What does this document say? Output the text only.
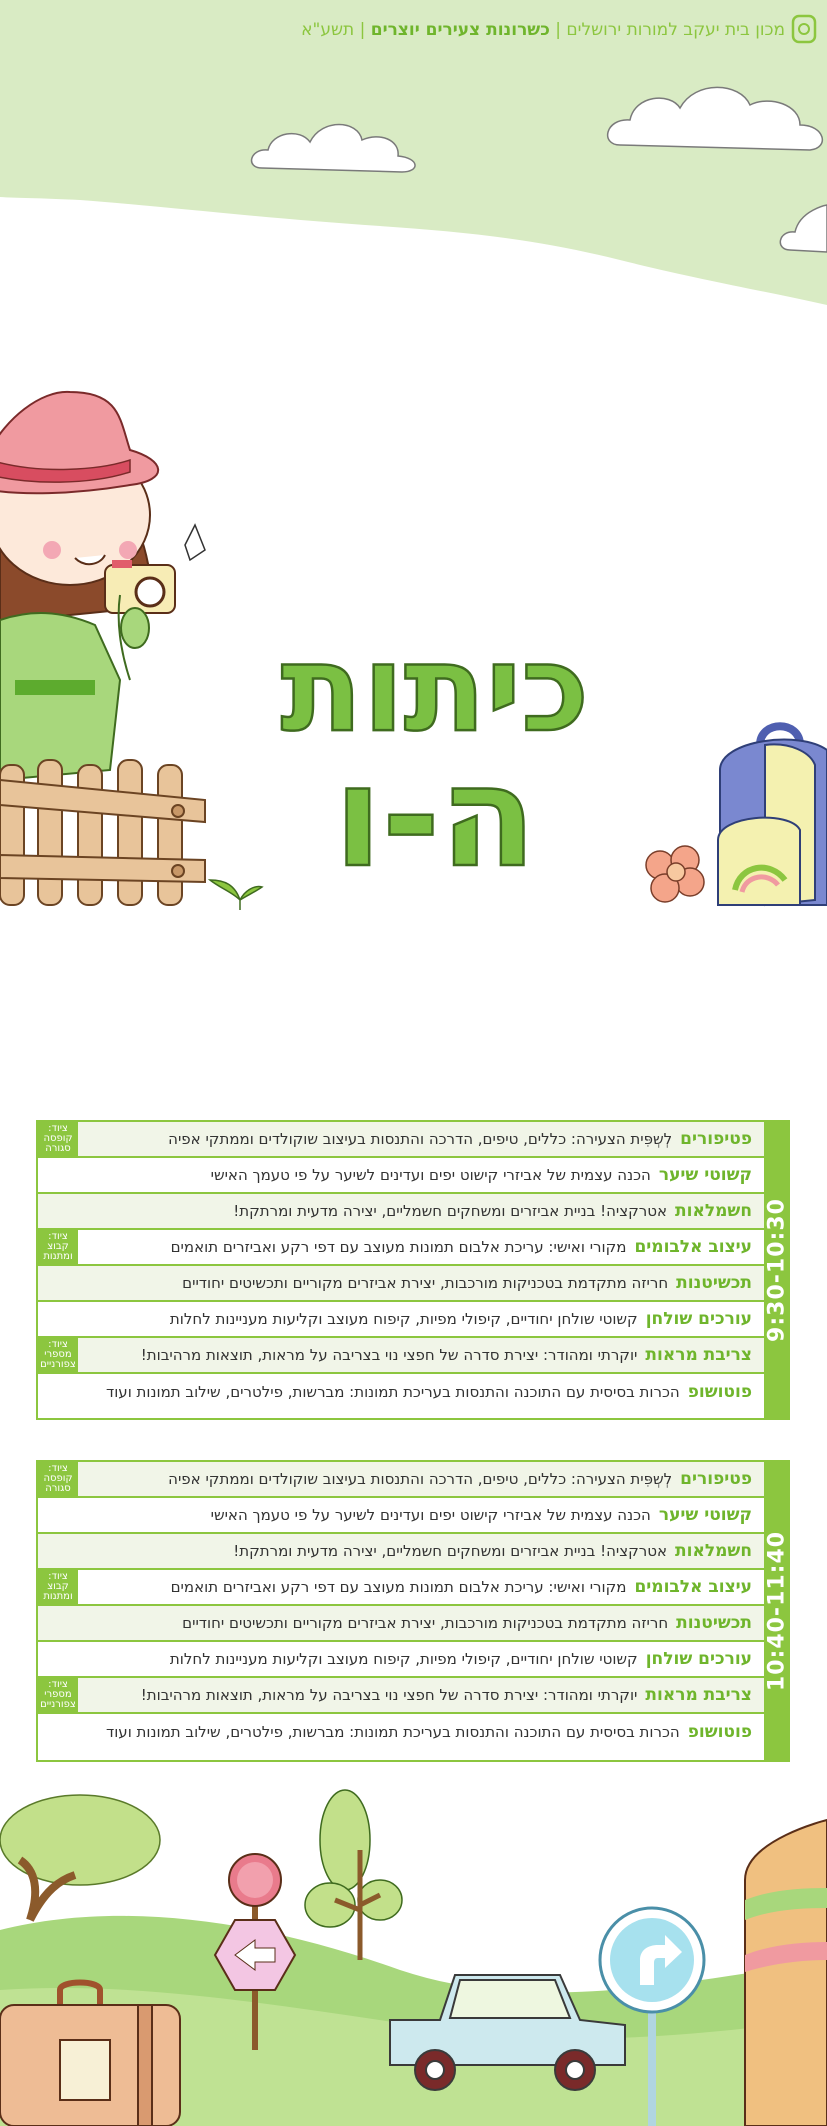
מכון בית יעקב למורות ירושלים | כשרונות צעירים יוצרים | תשע"א
כיתות
ה-ו
9:30-10:30
פטיפורים
לְשְפִּית הצעירה: כללים, טיפים, הדרכה והתנסות בעיצוב שוקולדים וממתקי אפיה
ציוד:
קופסה
סגורה
קשוטי שיער
הכנה עצמית של אביזרי קישוט יפים ועדינים לשיער על פי טעמך האישי
חשמלאות
אטרקציה! בניית אביזרים ומשחקים חשמליים, יצירה מדעית ומרתקת!
עיצוב אלבומים
מקורי ואישי: עריכת אלבום תמונות מעוצב עם דפי רקע ואביזרים תואמים
ציוד:
קבוצ
ומתנות
תכשיטנות
חריזה מתקדמת בטכניקות מורכבות, יצירת אביזרים מקוריים ותכשיטים יחודיים
עורכים שולחן
קשוטי שולחן יחודיים, קיפולי מפיות, קיפוח מעוצב וקליעות מעניינות לחלות
צריבת מראות
יוקרתי ומהודר: יצירת סדרה של חפצי נוי בצריבה על מראות, תוצאות מרהיבות!
ציוד:
מספרי
צפורניים
פוטושופ
הכרות בסיסית עם התוכנה והתנסות בעריכת תמונות: מברשות, פילטרים, שילוב תמונות ועוד
10:40-11:40
פטיפורים
לְשְפִּית הצעירה: כללים, טיפים, הדרכה והתנסות בעיצוב שוקולדים וממתקי אפיה
ציוד:
קופסה
סגורה
קשוטי שיער
הכנה עצמית של אביזרי קישוט יפים ועדינים לשיער על פי טעמך האישי
חשמלאות
אטרקציה! בניית אביזרים ומשחקים חשמליים, יצירה מדעית ומרתקת!
עיצוב אלבומים
מקורי ואישי: עריכת אלבום תמונות מעוצב עם דפי רקע ואביזרים תואמים
ציוד:
קבוצ
ומתנות
תכשיטנות
חריזה מתקדמת בטכניקות מורכבות, יצירת אביזרים מקוריים ותכשיטים יחודיים
עורכים שולחן
קשוטי שולחן יחודיים, קיפולי מפיות, קיפוח מעוצב וקליעות מעניינות לחלות
צריבת מראות
יוקרתי ומהודר: יצירת סדרה של חפצי נוי בצריבה על מראות, תוצאות מרהיבות!
ציוד:
מספרי
צפורניים
פוטושופ
הכרות בסיסית עם התוכנה והתנסות בעריכת תמונות: מברשות, פילטרים, שילוב תמונות ועוד
